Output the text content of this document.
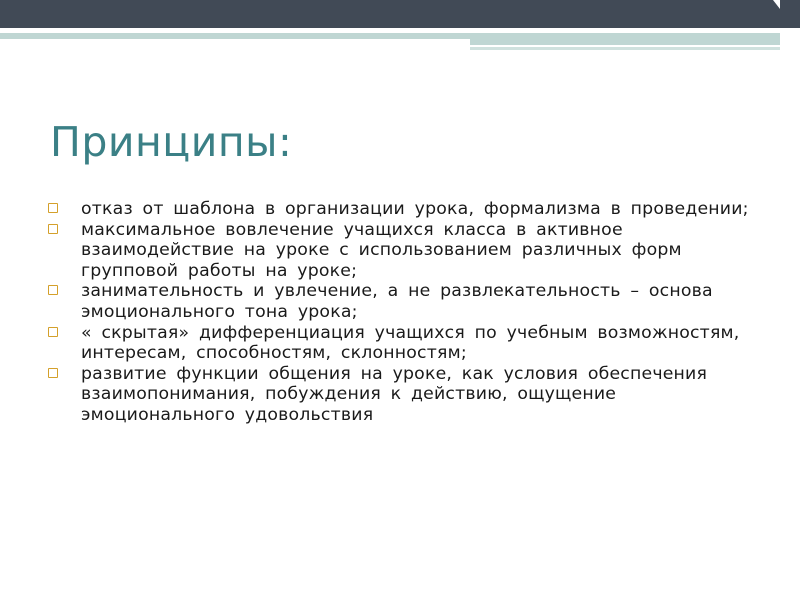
Принципы:
отказ от шаблона в организации урока, формализма в проведении;
максимальное вовлечение учащихся класса в активное взаимодействие на уроке с использованием различных форм групповой работы на уроке;
занимательность и увлечение, а не развлекательность – основа эмоционального тона урока;
« скрытая» дифференциация учащихся по учебным возможностям, интересам, способностям, склонностям;
развитие функции общения на уроке, как условия обеспечения взаимопонимания, побуждения к действию, ощущение эмоционального удовольствия
